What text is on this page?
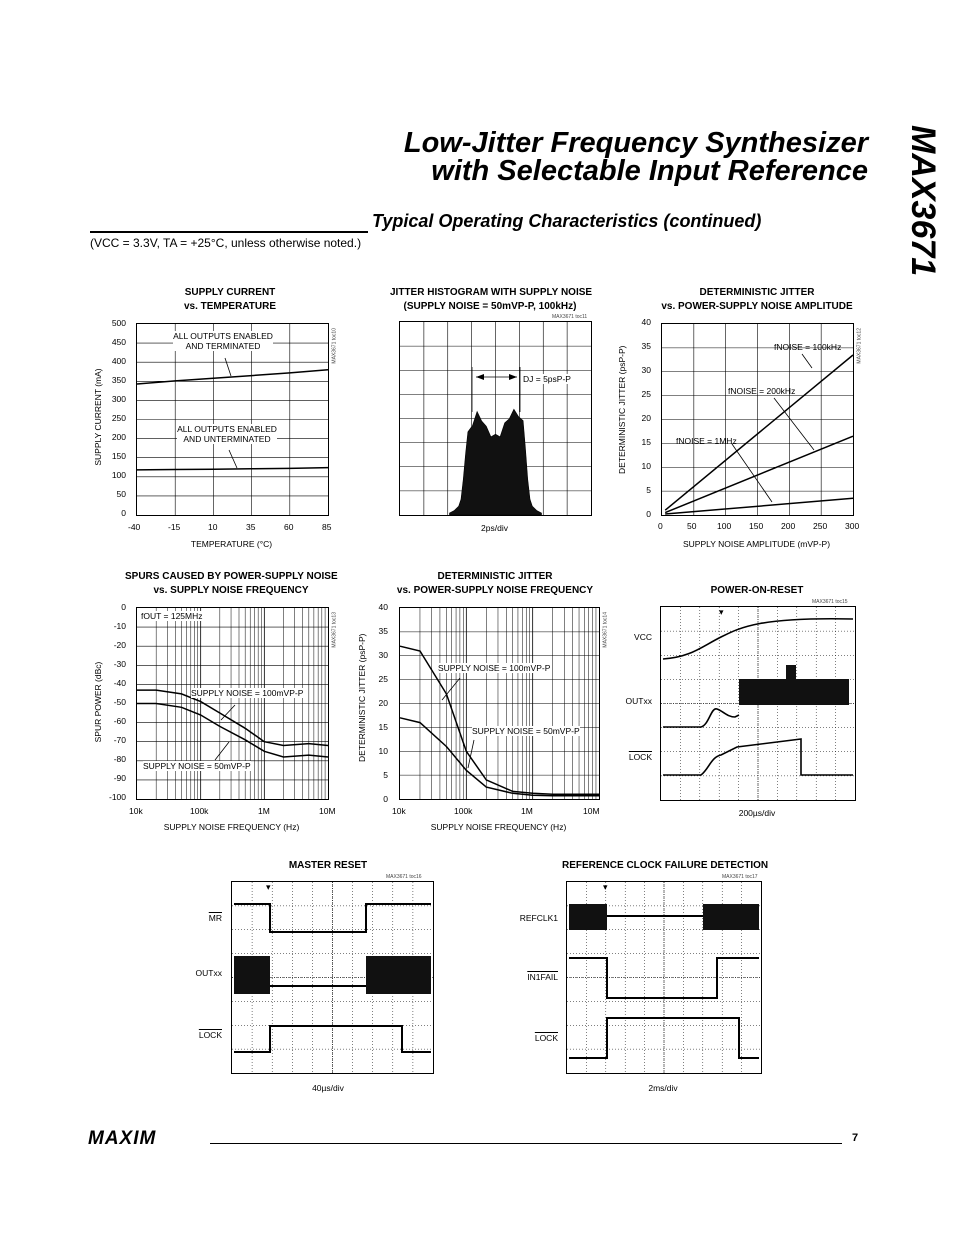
Low-Jitter Frequency Synthesizer
with Selectable Input Reference
Typical Operating Characteristics (continued)
(VCC = 3.3V, TA = +25°C, unless otherwise noted.)	MAX3671
SUPPLY CURRENT
vs. TEMPERATURE
ALL OUTPUTS ENABLED
AND TERMINATED
ALL OUTPUTS ENABLED
AND UNTERMINATED
MAX3671 toc10
500
450
400
350
300
250
200
150
100
50
0
-40	-15	10	35	60	85
TEMPERATURE (°C)
SUPPLY CURRENT (mA)
JITTER HISTOGRAM WITH SUPPLY NOISE
(SUPPLY NOISE = 50mVP-P, 100kHz)
MAX3671 toc11
DJ = 5psP-P
2ps/div
DETERMINISTIC JITTER
vs. POWER-SUPPLY NOISE AMPLITUDE
fNOISE = 100kHz
fNOISE = 200kHz
fNOISE = 1MHz
MAX3671 toc12
40
35
30
25
20
15
10
5
0
0	50 100 150 200 250 300
SUPPLY NOISE AMPLITUDE (mVP-P)
DETERMINISTIC JITTER (psP-P)
SPURS CAUSED BY POWER-SUPPLY NOISE
vs. SUPPLY NOISE FREQUENCY
fOUT = 125MHz
SUPPLY NOISE = 100mVP-P
SUPPLY NOISE = 50mVP-P
MAX3671 toc13
0
-10
-20
-30
-40
-50
-60
-70
-80
-90
-100
10k	100k	1M	10M
SUPPLY NOISE FREQUENCY (Hz)
SPUR POWER (dBc)
DETERMINISTIC JITTER
vs. POWER-SUPPLY NOISE FREQUENCY
SUPPLY NOISE = 100mVP-P
SUPPLY NOISE = 50mVP-P
MAX3671 toc14
40
35
30
25
20
15
10
5
0
10k	100k	1M	10M
SUPPLY NOISE FREQUENCY (Hz)
DETERMINISTIC JITTER (psP-P)
POWER-ON-RESET
MAX3671 toc15
▾
VCC
OUTxx
LOCK
200µs/div
MASTER RESET
MAX3671 toc16
▾
$\overline{MR}$
OUTxx
LOCK
40µs/div
REFERENCE CLOCK FAILURE DETECTION
MAX3671 toc17
▾
REFCLK1
IN1FAIL
LOCK
2ms/div
MAXIM	7
